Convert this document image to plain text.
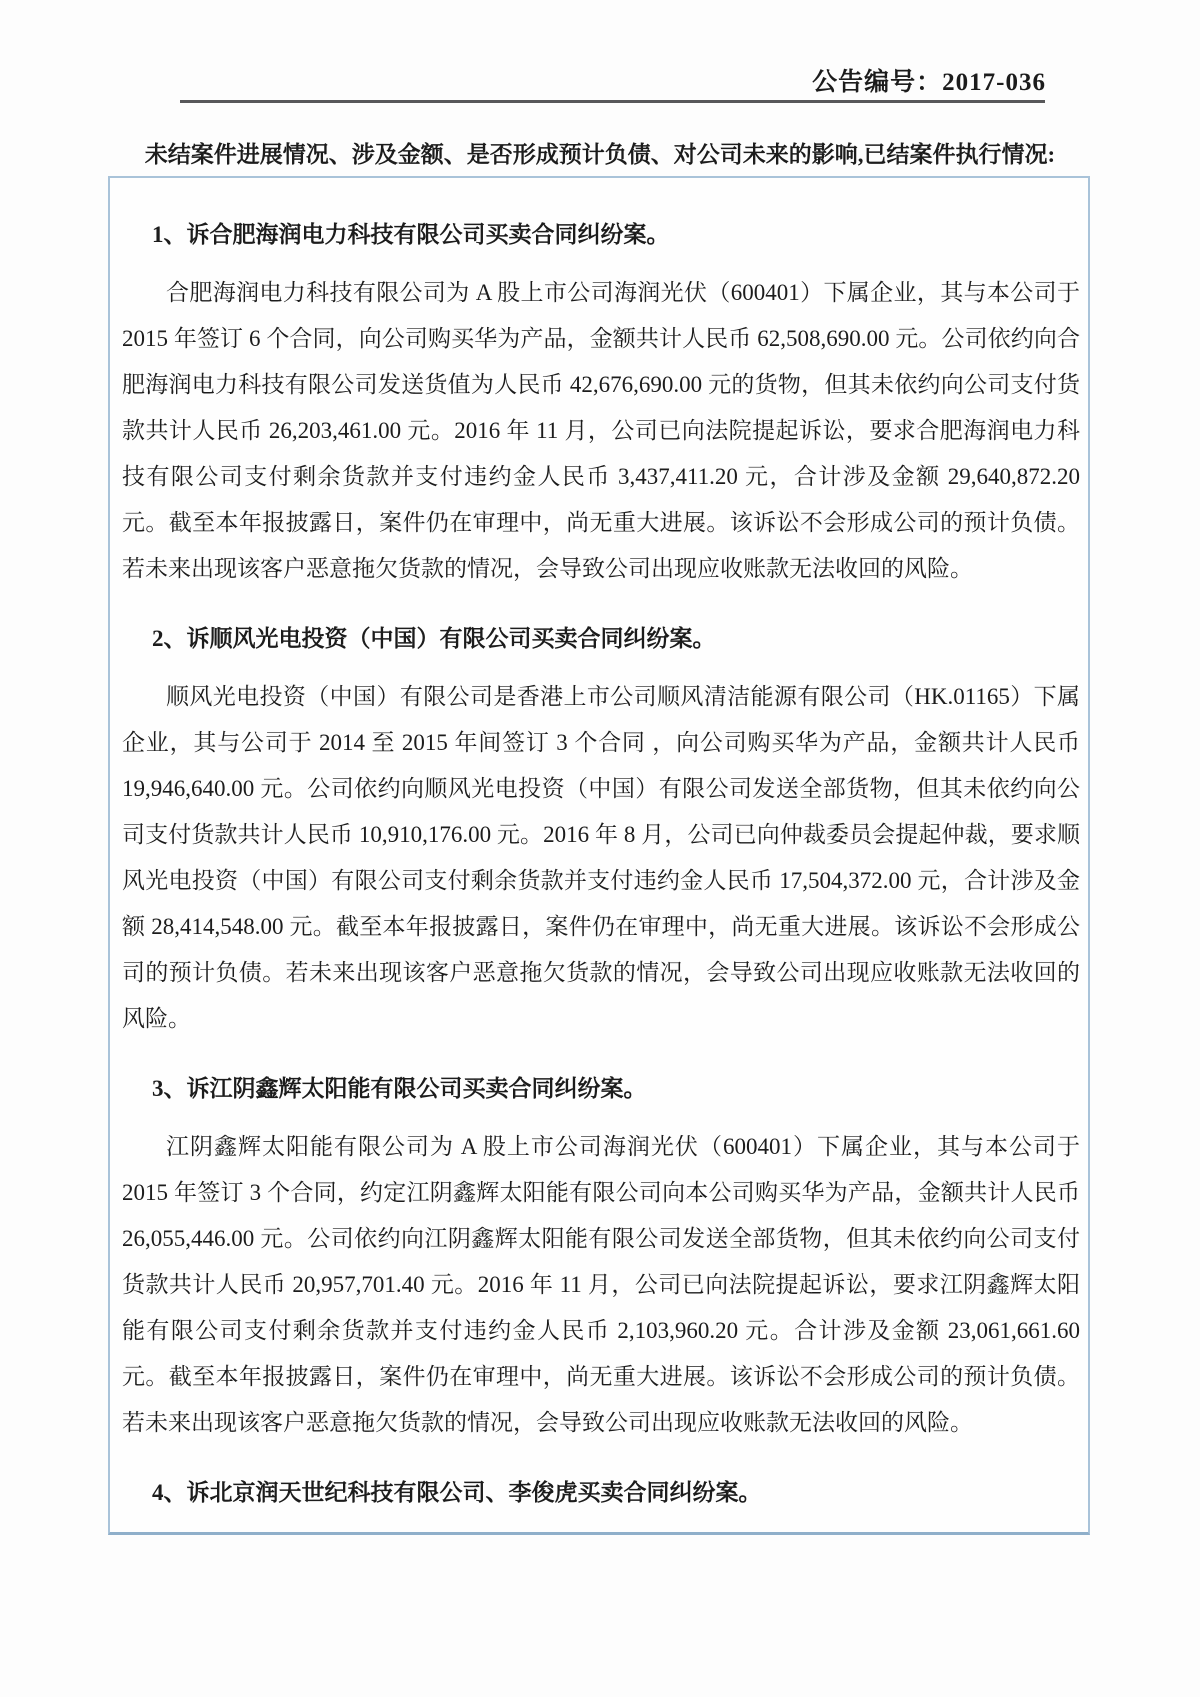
公告编号：2017-036
未结案件进展情况、涉及金额、是否形成预计负债、对公司未来的影响,已结案件执行情况:
1、诉合肥海润电力科技有限公司买卖合同纠纷案。

合肥海润电力科技有限公司为 A 股上市公司海润光伏（600401）下属企业，其与本公司于 2015 年签订 6 个合同，向公司购买华为产品，金额共计人民币 62,508,690.00 元。公司依约向合肥海润电力科技有限公司发送货值为人民币 42,676,690.00 元的货物，但其未依约向公司支付货款共计人民币 26,203,461.00 元。2016 年 11 月，公司已向法院提起诉讼，要求合肥海润电力科技有限公司支付剩余货款并支付违约金人民币 3,437,411.20 元，合计涉及金额 29,640,872.20 元。截至本年报披露日，案件仍在审理中，尚无重大进展。该诉讼不会形成公司的预计负债。若未来出现该客户恶意拖欠货款的情况，会导致公司出现应收账款无法收回的风险。

2、诉顺风光电投资（中国）有限公司买卖合同纠纷案。

顺风光电投资（中国）有限公司是香港上市公司顺风清洁能源有限公司（HK.01165）下属企业，其与公司于 2014 至 2015 年间签订 3 个合同 ，向公司购买华为产品，金额共计人民币 19,946,640.00 元。公司依约向顺风光电投资（中国）有限公司发送全部货物，但其未依约向公司支付货款共计人民币 10,910,176.00 元。2016 年 8 月，公司已向仲裁委员会提起仲裁，要求顺风光电投资（中国）有限公司支付剩余货款并支付违约金人民币 17,504,372.00 元，合计涉及金额 28,414,548.00 元。截至本年报披露日，案件仍在审理中，尚无重大进展。该诉讼不会形成公司的预计负债。若未来出现该客户恶意拖欠货款的情况，会导致公司出现应收账款无法收回的风险。

3、诉江阴鑫辉太阳能有限公司买卖合同纠纷案。

江阴鑫辉太阳能有限公司为 A 股上市公司海润光伏（600401）下属企业，其与本公司于 2015 年签订 3 个合同，约定江阴鑫辉太阳能有限公司向本公司购买华为产品，金额共计人民币 26,055,446.00 元。公司依约向江阴鑫辉太阳能有限公司发送全部货物，但其未依约向公司支付货款共计人民币 20,957,701.40 元。2016 年 11 月，公司已向法院提起诉讼，要求江阴鑫辉太阳能有限公司支付剩余货款并支付违约金人民币 2,103,960.20 元。合计涉及金额 23,061,661.60 元。截至本年报披露日，案件仍在审理中，尚无重大进展。该诉讼不会形成公司的预计负债。若未来出现该客户恶意拖欠货款的情况，会导致公司出现应收账款无法收回的风险。

4、诉北京润天世纪科技有限公司、李俊虎买卖合同纠纷案。
